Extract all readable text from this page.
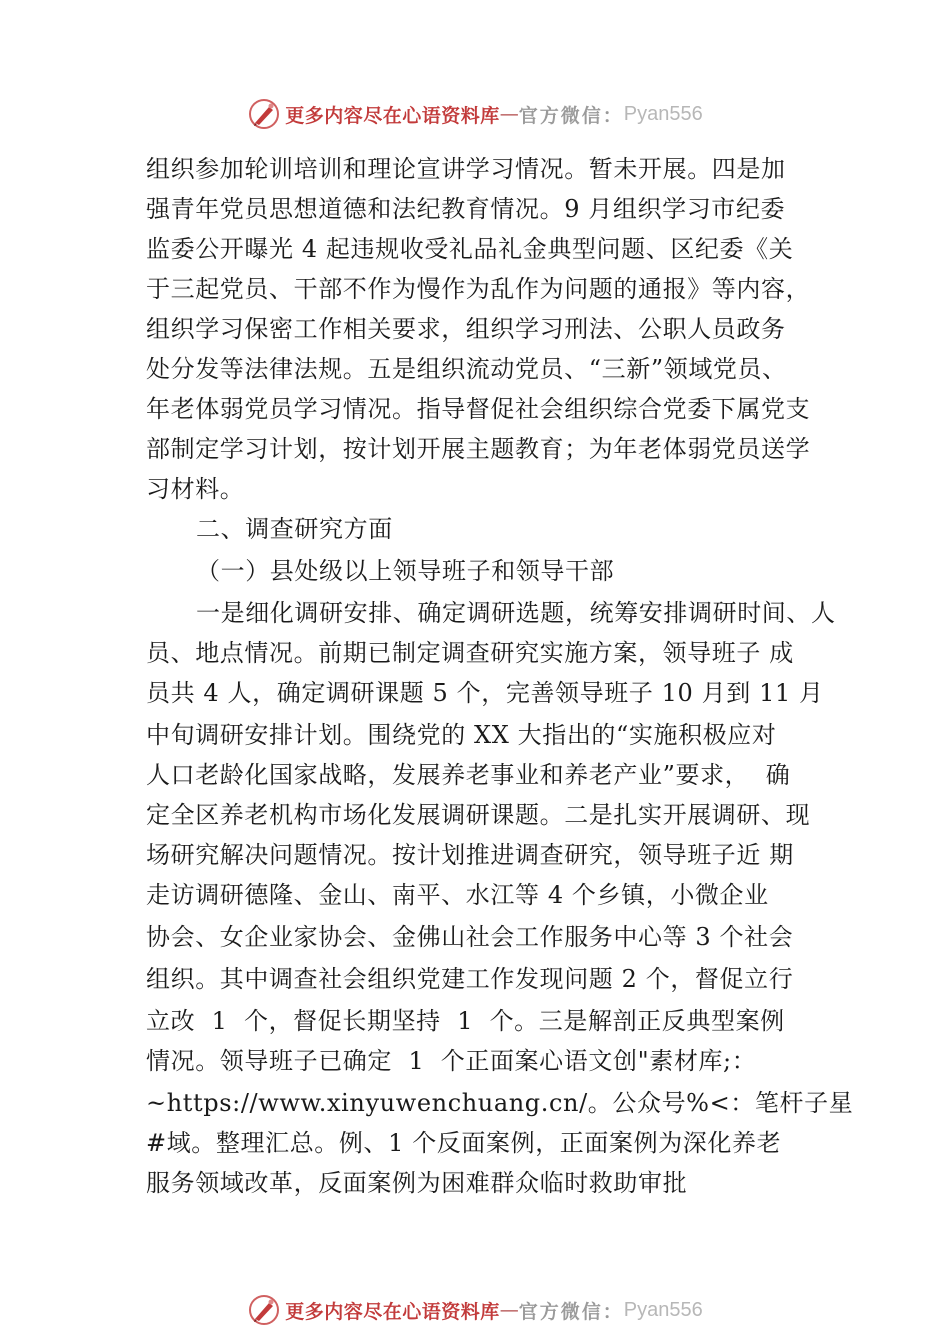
更多内容尽在心语资料库 — 官方微信： Pyan556
组织参加轮训培训和理论宣讲学习情况。暂未开展。四是加
强青年党员思想道德和法纪教育情况。9 月组织学习市纪委
监委公开曝光 4 起违规收受礼品礼金典型问题、区纪委《关
于三起党员、干部不作为慢作为乱作为问题的通报》等内容，
组织学习保密工作相关要求，组织学习刑法、公职人员政务
处分发等法律法规。五是组织流动党员、“三新”领域党员、
年老体弱党员学习情况。指导督促社会组织综合党委下属党支
部制定学习计划，按计划开展主题教育；为年老体弱党员送学
习材料。
二、调查研究方面
（一）县处级以上领导班子和领导干部
一是细化调研安排、确定调研选题，统筹安排调研时间、人
员、地点情况。前期已制定调查研究实施方案，领导班子 成
员共 4 人，确定调研课题 5 个，完善领导班子 10 月到 11 月
中旬调研安排计划。围绕党的 XX 大指出的“实施积极应对
人口老龄化国家战略，发展养老事业和养老产业”要求，  确
定全区养老机构市场化发展调研课题。二是扎实开展调研、现
场研究解决问题情况。按计划推进调查研究，领导班子近 期
走访调研德隆、金山、南平、水江等 4 个乡镇，小微企业
协会、女企业家协会、金佛山社会工作服务中心等 3 个社会
组织。其中调查社会组织党建工作发现问题 2 个，督促立行
立改  1  个，督促长期坚持  1  个。三是解剖正反典型案例
情况。领导班子已确定  1  个正面案心语文创"素材库;：
~https://www.xinyuwenchuang.cn/。公众号%<：笔杆子星
#域。整理汇总。例、1 个反面案例，正面案例为深化养老
服务领域改革，反面案例为困难群众临时救助审批
更多内容尽在心语资料库 — 官方微信： Pyan556
